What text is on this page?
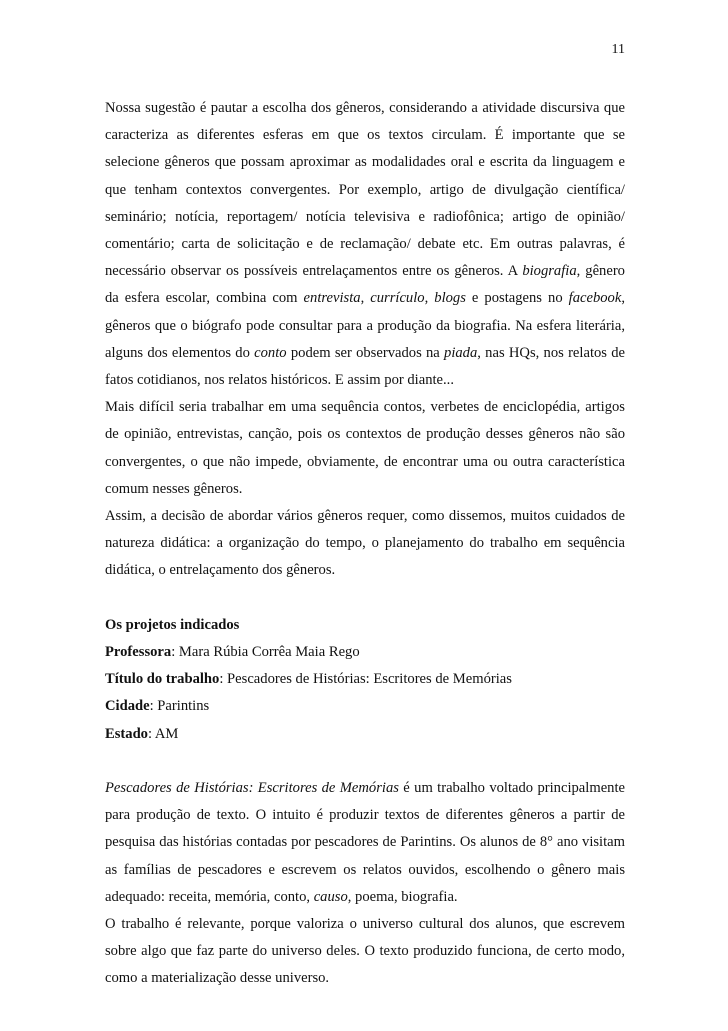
11

Nossa sugestão é pautar a escolha dos gêneros, considerando a atividade discursiva que caracteriza as diferentes esferas em que os textos circulam. É importante que se selecione gêneros que possam aproximar as modalidades oral e escrita da linguagem e que tenham contextos convergentes. Por exemplo, artigo de divulgação científica/ seminário; notícia, reportagem/ notícia televisiva e radiofônica; artigo de opinião/ comentário; carta de solicitação e de reclamação/ debate etc. Em outras palavras, é necessário observar os possíveis entrelaçamentos entre os gêneros. A biografia, gênero da esfera escolar, combina com entrevista, currículo, blogs e postagens no facebook, gêneros que o biógrafo pode consultar para a produção da biografia. Na esfera literária, alguns dos elementos do conto podem ser observados na piada, nas HQs, nos relatos de fatos cotidianos, nos relatos históricos. E assim por diante...

Mais difícil seria trabalhar em uma sequência contos, verbetes de enciclopédia, artigos de opinião, entrevistas, canção, pois os contextos de produção desses gêneros não são convergentes, o que não impede, obviamente, de encontrar uma ou outra característica comum nesses gêneros.

Assim, a decisão de abordar vários gêneros requer, como dissemos, muitos cuidados de natureza didática: a organização do tempo, o planejamento do trabalho em sequência didática, o entrelaçamento dos gêneros.

Os projetos indicados

Professora: Mara Rúbia Corrêa Maia Rego

Título do trabalho: Pescadores de Histórias: Escritores de Memórias

Cidade: Parintins

Estado: AM

Pescadores de Histórias: Escritores de Memórias é um trabalho voltado principalmente para produção de texto. O intuito é produzir textos de diferentes gêneros a partir de pesquisa das histórias contadas por pescadores de Parintins. Os alunos de 8° ano visitam as famílias de pescadores e escrevem os relatos ouvidos, escolhendo o gênero mais adequado: receita, memória, conto, causo, poema, biografia.

O trabalho é relevante, porque valoriza o universo cultural dos alunos, que escrevem sobre algo que faz parte do universo deles. O texto produzido funciona, de certo modo, como a materialização desse universo.
